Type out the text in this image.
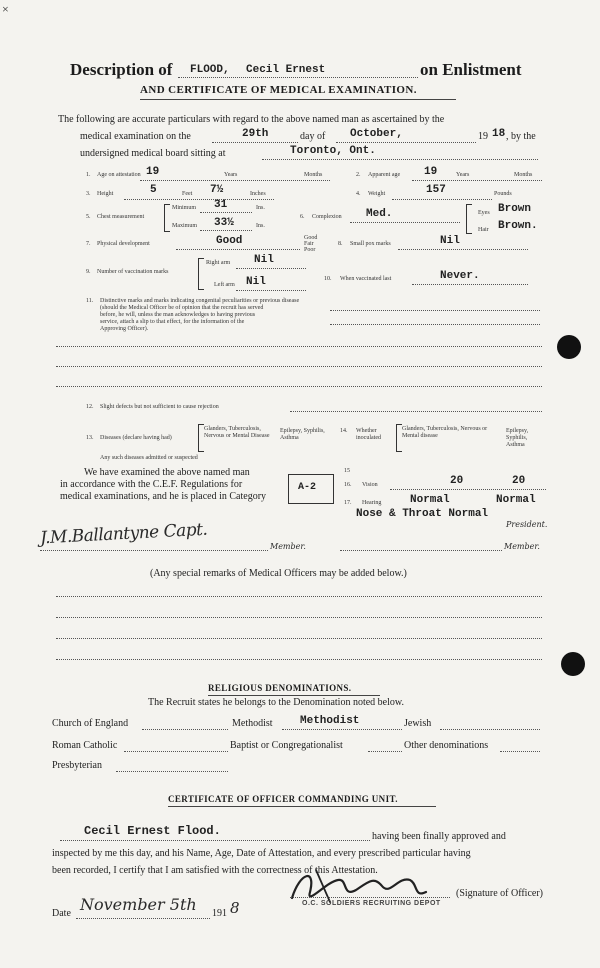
×
Description of FLOOD, Cecil Ernest	on Enlistment
AND CERTIFICATE OF MEDICAL EXAMINATION.
The following are accurate particulars with regard to the above named man as ascertained by the
medical examination on the	29th	day of October,	19 18 , by the
undersigned medical board sitting at	Toronto, Ont.
1. Age on attestation 19	Years	Months	2. Apparent age 19	Years	Months
3. Height	5	Feet 7½	Inches	4. Weight	157	Pounds
5. Chest measurement
Minimum 31	Ins.
Maximum 33½	Ins.
6. Complexion Med.	Eyes Brown
Hair Brown.
7. Physical development	Good	Good Fair Poor
8. Small pox marks	Nil
9. Number of vaccination marks
Right arm Nil
Left arm Nil	10. When vaccinated last	Never.
11. Distinctive marks and marks indicating congenital peculiarities or previous disease
(should the Medical Officer be of opinion that the recruit has served
before, he will, unless the man acknowledges to having previous
service, attach a slip to that effect, for the information of the
Approving Officer).
12. Slight defects but not sufficient to cause rejection
13. Diseases (declare having had)
Glanders, Tuberculosis, Nervous or Mental Disease
Epilepsy, Syphilis, Asthma
14. Whether inoculated
Glanders, Tuberculosis, Nervous or Mental disease
Epilepsy, Syphilis, Asthma
Any such diseases admitted or suspected
We have examined the above named man
in accordance with the C.E.F. Regulations for
medical examinations, and he is placed in Category
A-2
15
16. Vision	20	20
17. Hearing	Normal	Normal
Nose & Throat Normal
President.
J.M.Ballantyne Capt.	Member.	Member.
(Any special remarks of Medical Officers may be added below.)
RELIGIOUS DENOMINATIONS.
The Recruit states he belongs to the Denomination noted below.
Church of England	Methodist Methodist	Jewish
Roman Catholic	Baptist or Congregationalist	Other denominations
Presbyterian
CERTIFICATE OF OFFICER COMMANDING UNIT.
Cecil Ernest Flood.	having been finally approved and
inspected by me this day, and his Name, Age, Date of Attestation, and every prescribed particular having
been recorded, I certify that I am satisfied with the correctness of this Attestation.
O.C. SOLDIERS RECRUITING DEPOT
(Signature of Officer)
Date November 5th 191 8
